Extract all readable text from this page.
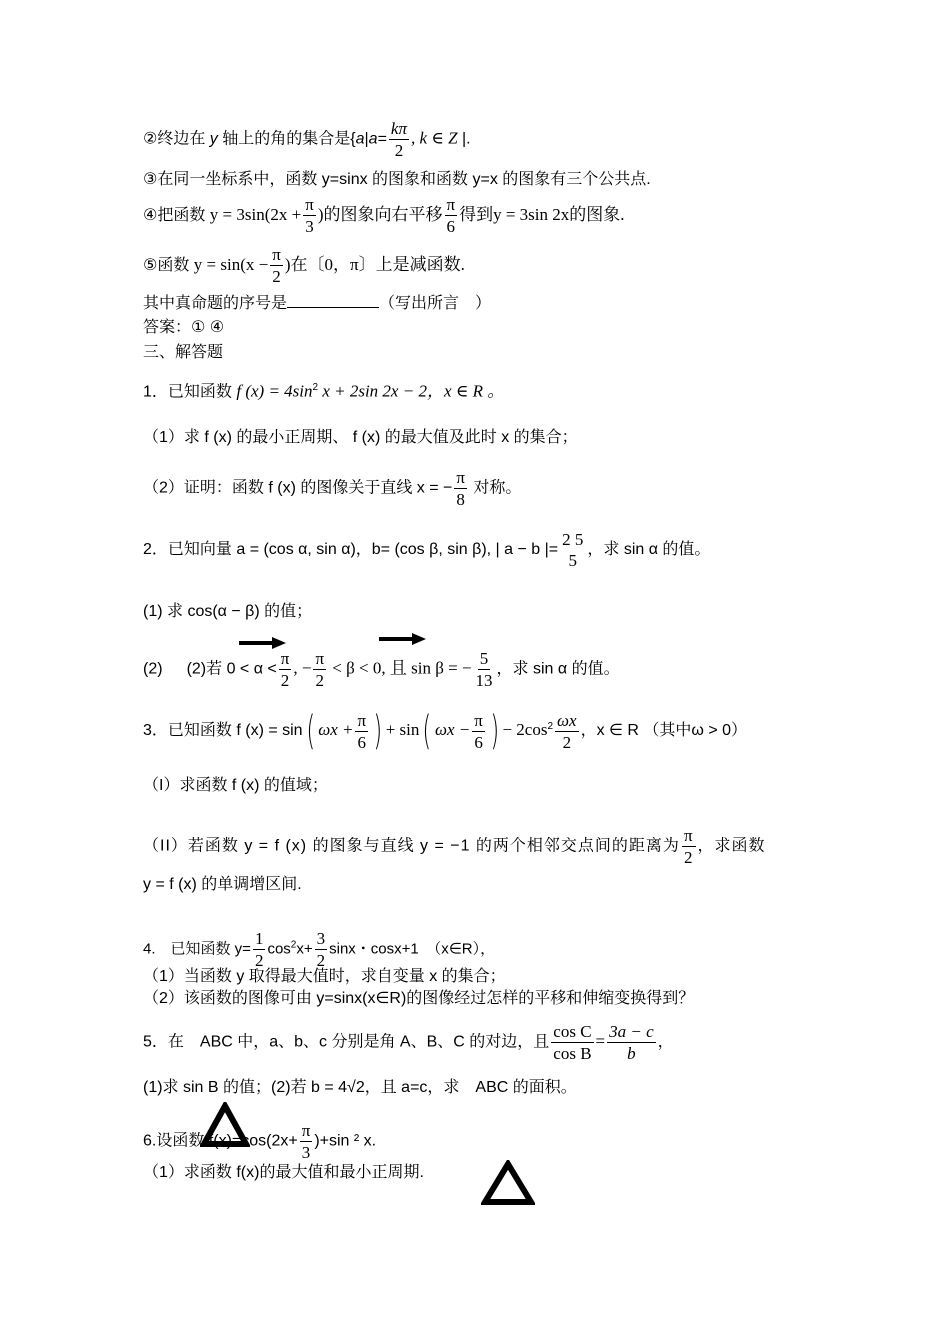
②终边在 y 轴上的角的集合是{$a|a= \frac{k\pi}{2}$ , k ∈ Z |.
③在同一坐标系中，函数 y=sinx 的图象和函数 y=x 的图象有三个公共点.
④把函数 $y = 3\sin(2x + \frac{\pi}{3}$ )的图象向右平移 $\frac{\pi}{6}$ 得到y = 3sin 2x的图象.
⑤函数 $y = \sin(x - \frac{\pi}{2}$ )在〔0，π〕上是减函数.
其中真命题的序号是	（写出所言　）
答案：① ④
三、解答题
1．已知函数 f $(x) = 4\sin^2$ x + 2sin 2x − 2，x ∈ R 。
（1）求 f (x) 的最小正周期、 f (x) 的最大值及此时 x 的集合；
（2）证明：函数 f (x) 的图像关于直线 x = − $\frac{\pi}{8}$ 对称。
2．已知向量 a = (cos α, sin α)，b= (cos β, sin β), | a − b |=
2 5
5
，求 sin α 的值。
(1) 求 cos(α − β) 的值；
(2) (2)若 $0 < \alpha < \frac{\pi}{2}$ , − $\frac{\pi}{2} < \beta < 0$, 且 sin β = − $\frac{5}{13}$ ，求 sin α 的值。
3．已知函数 f (x) = sin( $\omega x + \frac{\pi}{6}$ ) + sin( $\omega x - \frac{\pi}{6}$ ) − $2\cos^2 \frac{\omega x}{2}$ ，x ∈ R （其中ω > 0）
（I）求函数 f (x) 的值域；
（II）若函数 y = f (x) 的图象与直线 y = −1 的两个相邻交点间的距离为 $\frac{\pi}{2}$ ，求函数
y = f (x) 的单调增区间.
4.　已知函数 $y= \frac{1}{2} \cos^2x+ \frac{3}{2}$ sinx・cosx+1　（x∈R），
（1）当函数 y 取得最大值时，求自变量 x 的集合；
（2）该函数的图像可由 y=sinx(x∈R)的图像经过怎样的平移和伸缩变换得到？
5．在　ABC 中，a、b、c 分别是角 A、B、C 的对边，且 $\frac{\text{cos C}}{\text{cos B}} = \frac{3a - c}{b}$ ，
(1)求 sin B 的值；(2)若 b = 4√2，且 a=c，求　ABC 的面积。
6.设函数 $f(x)=\cos(2x+ \frac{\pi}{3} )+\sin$ ² x.
（1）求函数 f(x)的最大值和最小正周期.
